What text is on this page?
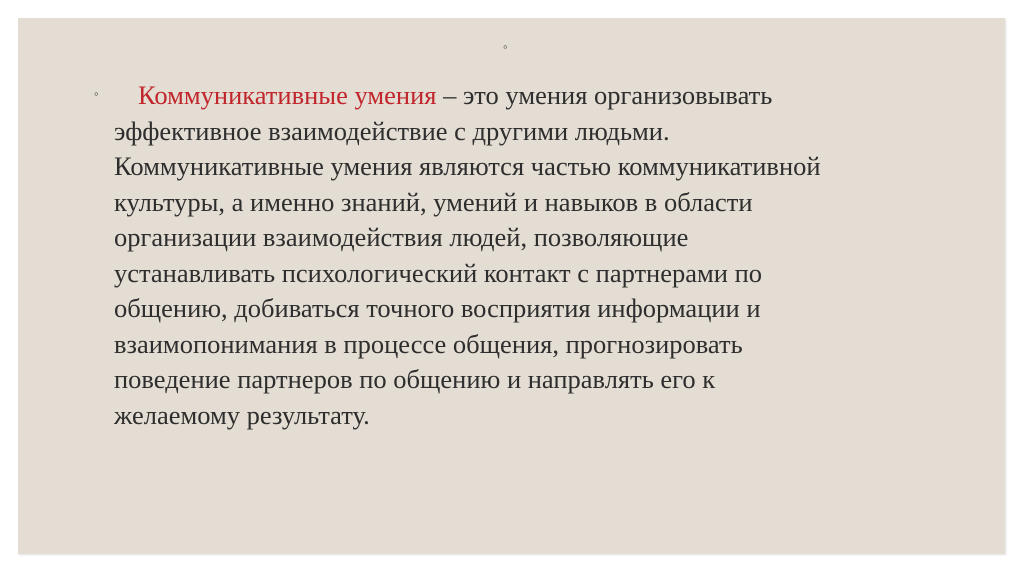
◦
◦	Коммуникативные умения – это умения организовывать
эффективное взаимодействие с другими людьми.
Коммуникативные умения являются частью коммуникативной
культуры, а именно знаний, умений и навыков в области
организации взаимодействия людей, позволяющие
устанавливать психологический контакт с партнерами по
общению, добиваться точного восприятия информации и
взаимопонимания в процессе общения, прогнозировать
поведение партнеров по общению и направлять его к
желаемому результату.
